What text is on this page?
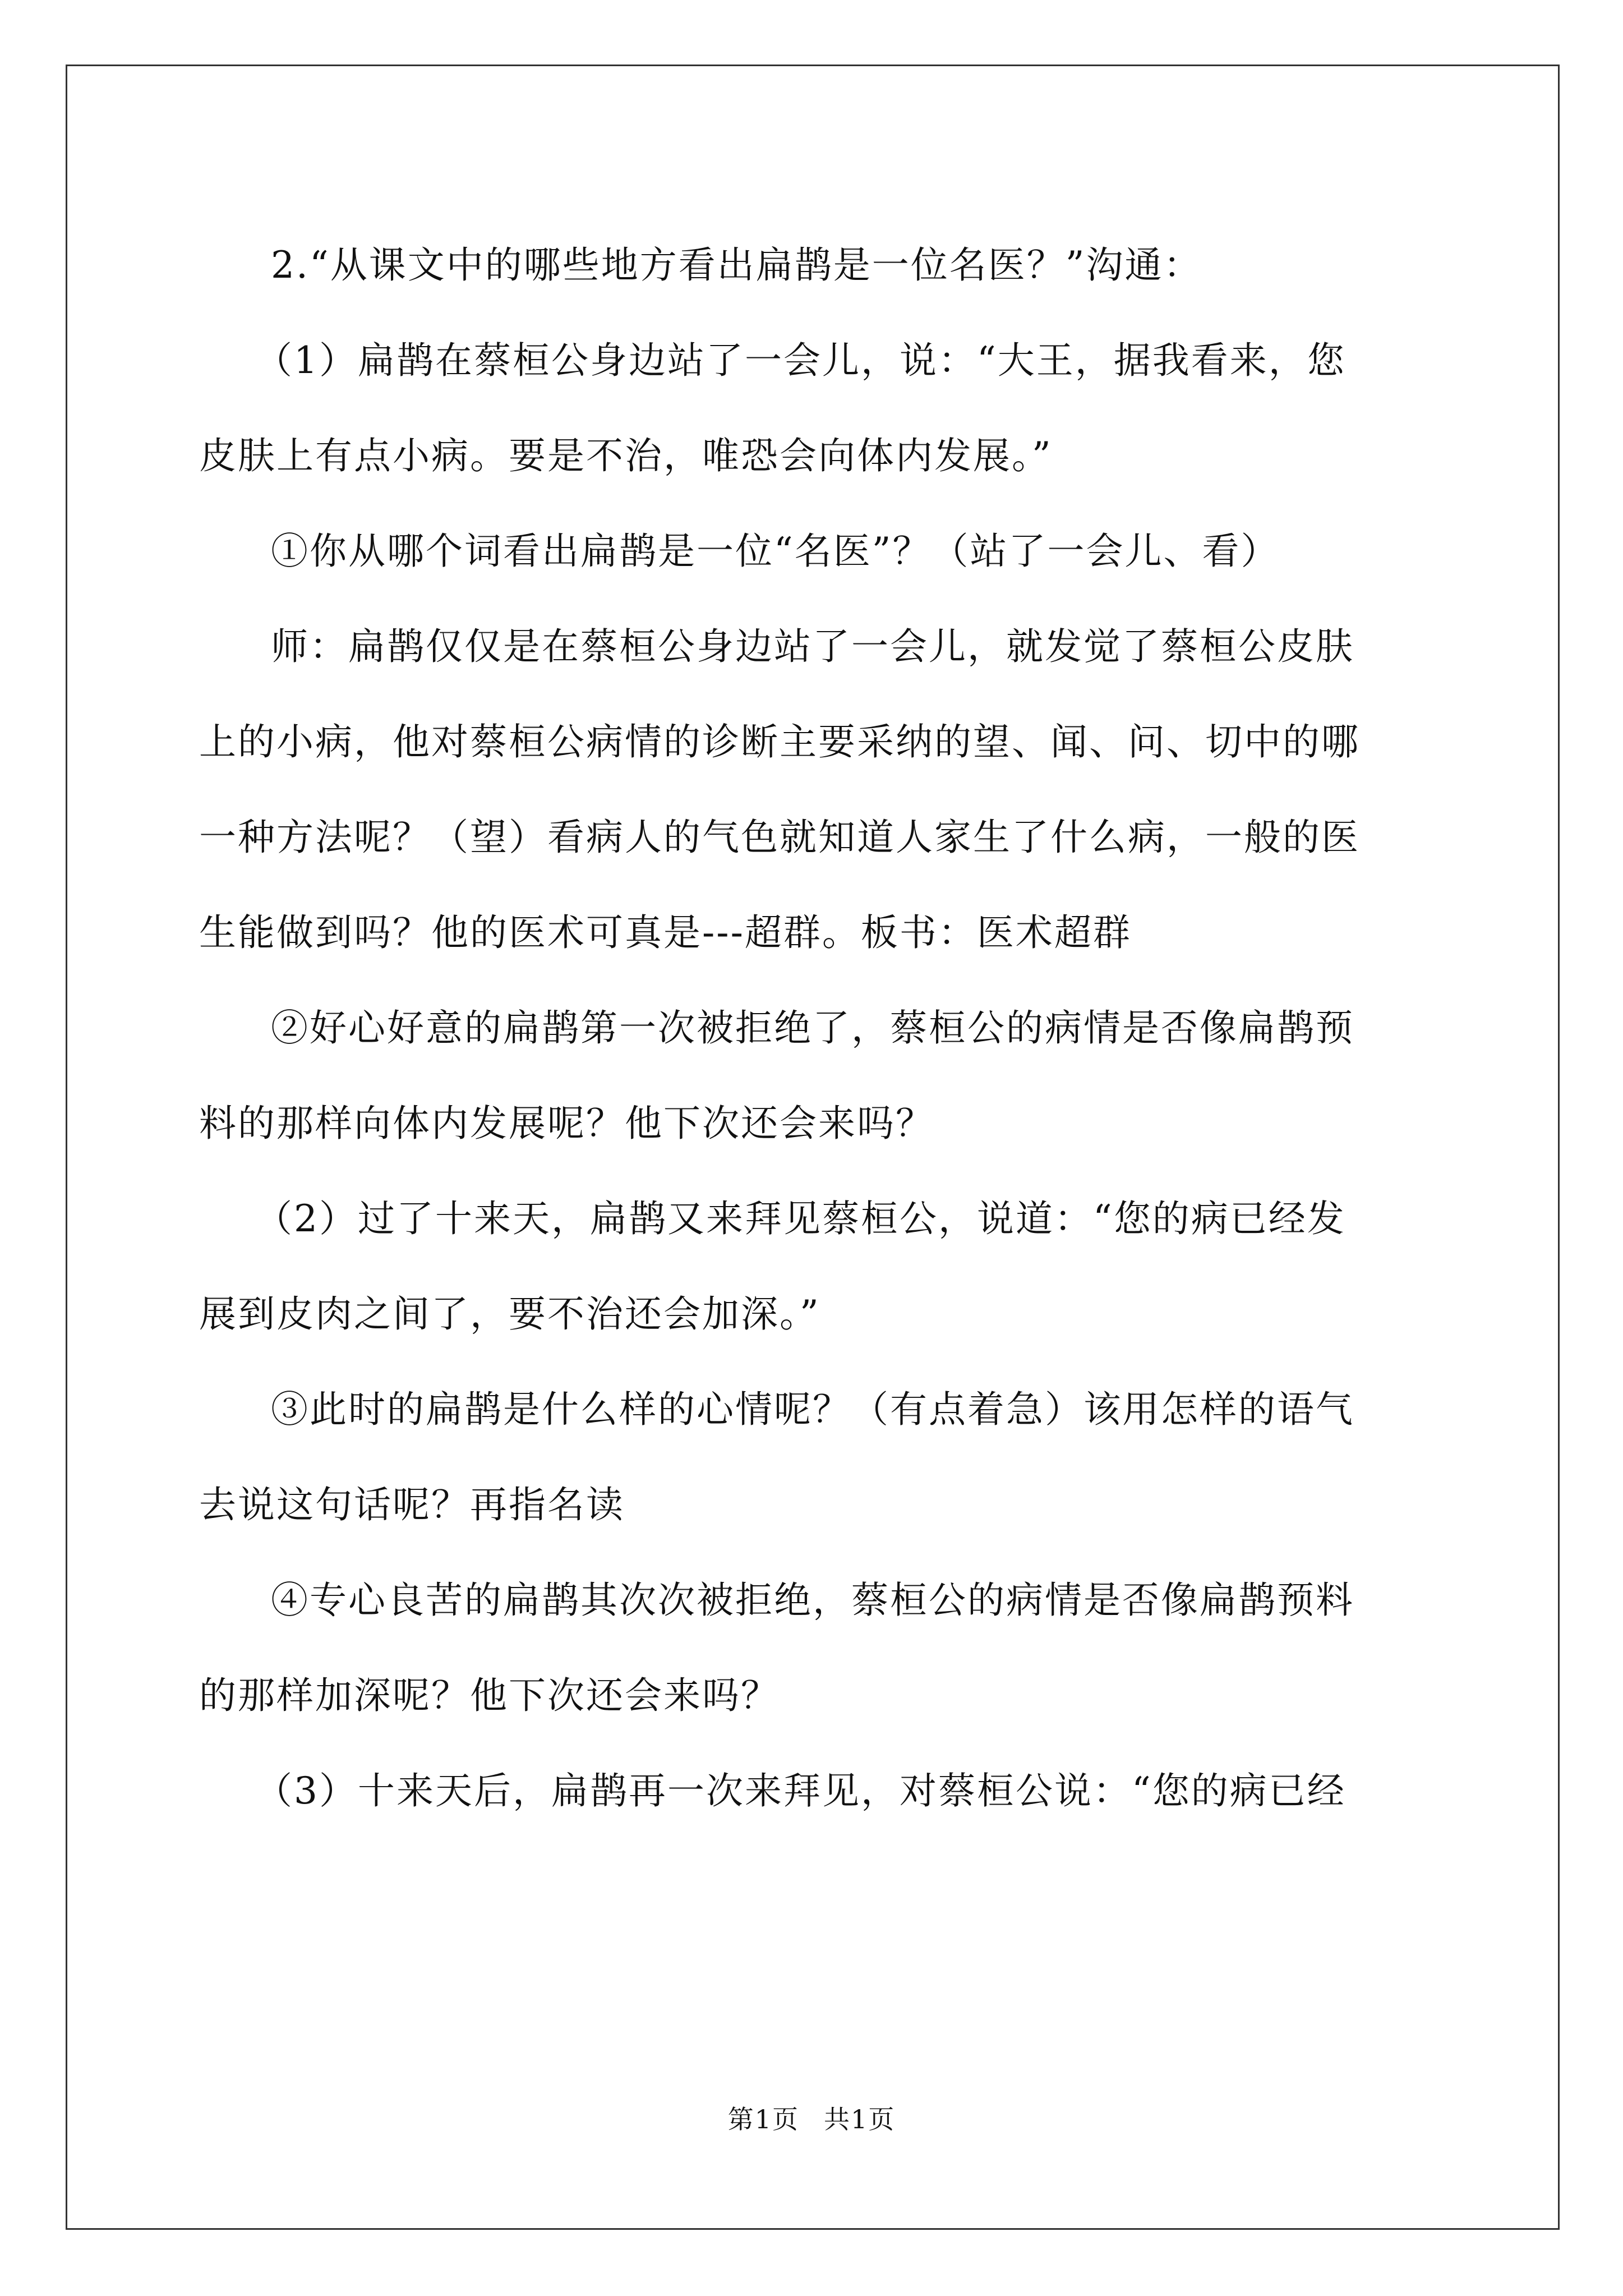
2.“从课文中的哪些地方看出扁鹊是一位名医？”沟通：
（1）扁鹊在蔡桓公身边站了一会儿，说：“大王，据我看来，您
皮肤上有点小病。要是不治，唯恐会向体内发展。”
①你从哪个词看出扁鹊是一位“名医”？（站了一会儿、看）
师：扁鹊仅仅是在蔡桓公身边站了一会儿，就发觉了蔡桓公皮肤
上的小病，他对蔡桓公病情的诊断主要采纳的望、闻、问、切中的哪
一种方法呢？（望）看病人的气色就知道人家生了什么病，一般的医
生能做到吗？他的医术可真是---超群。板书：医术超群
②好心好意的扁鹊第一次被拒绝了，蔡桓公的病情是否像扁鹊预
料的那样向体内发展呢？他下次还会来吗？
（2）过了十来天，扁鹊又来拜见蔡桓公，说道：“您的病已经发
展到皮肉之间了，要不治还会加深。”
③此时的扁鹊是什么样的心情呢？（有点着急）该用怎样的语气
去说这句话呢？再指名读
④专心良苦的扁鹊其次次被拒绝，蔡桓公的病情是否像扁鹊预料
的那样加深呢？他下次还会来吗？
（3）十来天后，扁鹊再一次来拜见，对蔡桓公说：“您的病已经
第1页 共1页
